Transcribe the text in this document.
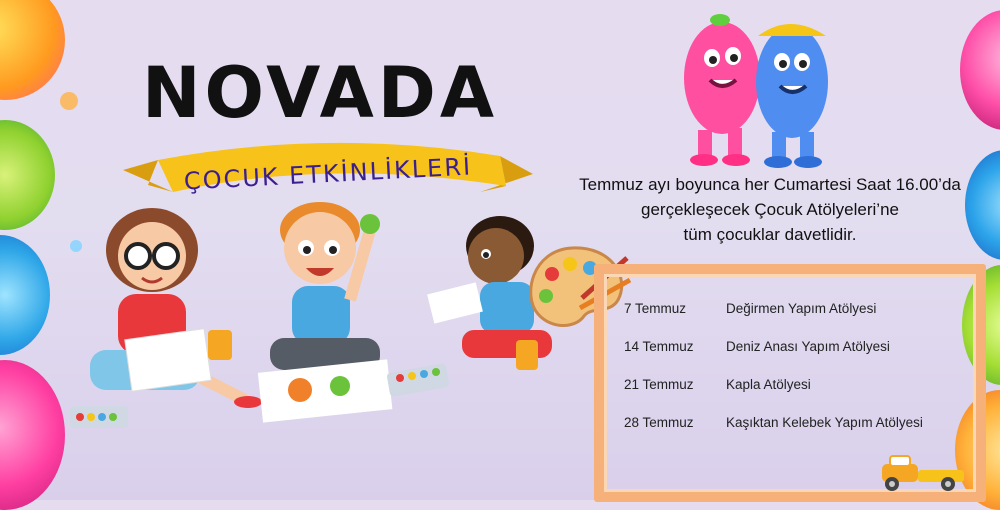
NOVADA
ÇOCUK ETKİNLİKLERİ	Temmuz ayı boyunca her Cumartesi Saat 16.00’da
gerçekleşecek Çocuk Atölyeleri’ne
tüm çocuklar davetlidir.
7 Temmuz	Değirmen Yapım Atölyesi
14 Temmuz Deniz Anası Yapım Atölyesi
21 Temmuz Kapla Atölyesi
28 Temmuz Kaşıktan Kelebek Yapım Atölyesi
